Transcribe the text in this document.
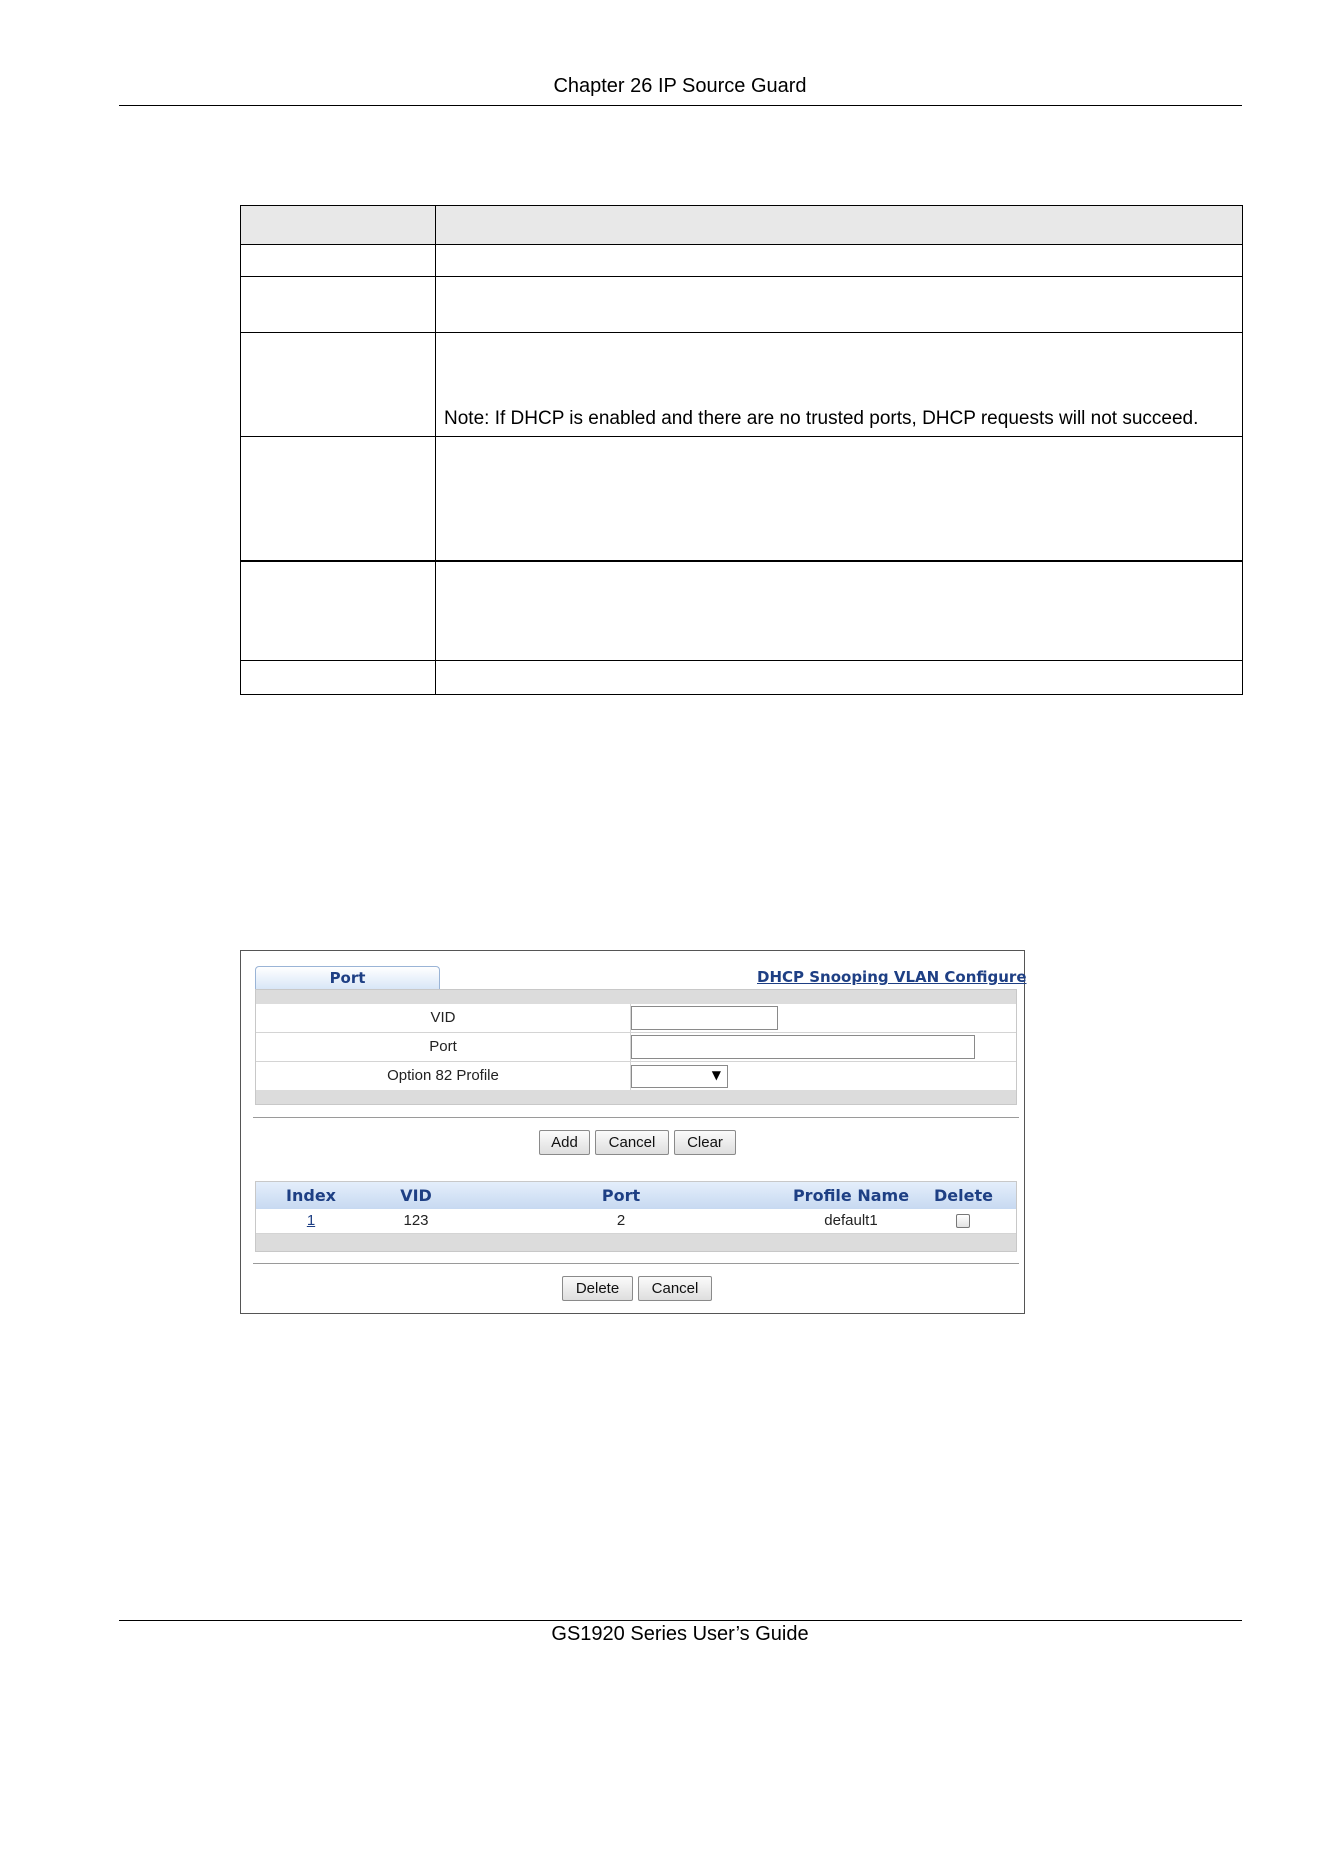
Chapter 26 IP Source Guard

	Note: If DHCP is enabled and there are no trusted ports, DHCP requests will not succeed.

Port	DHCP Snooping VLAN Configure
VID
Port
Option 82 Profile	▼
Add	Cancel	Clear
Index	VID	Port	Profile Name	Delete
1	123	2	default1
Delete	Cancel
GS1920 Series User’s Guide
